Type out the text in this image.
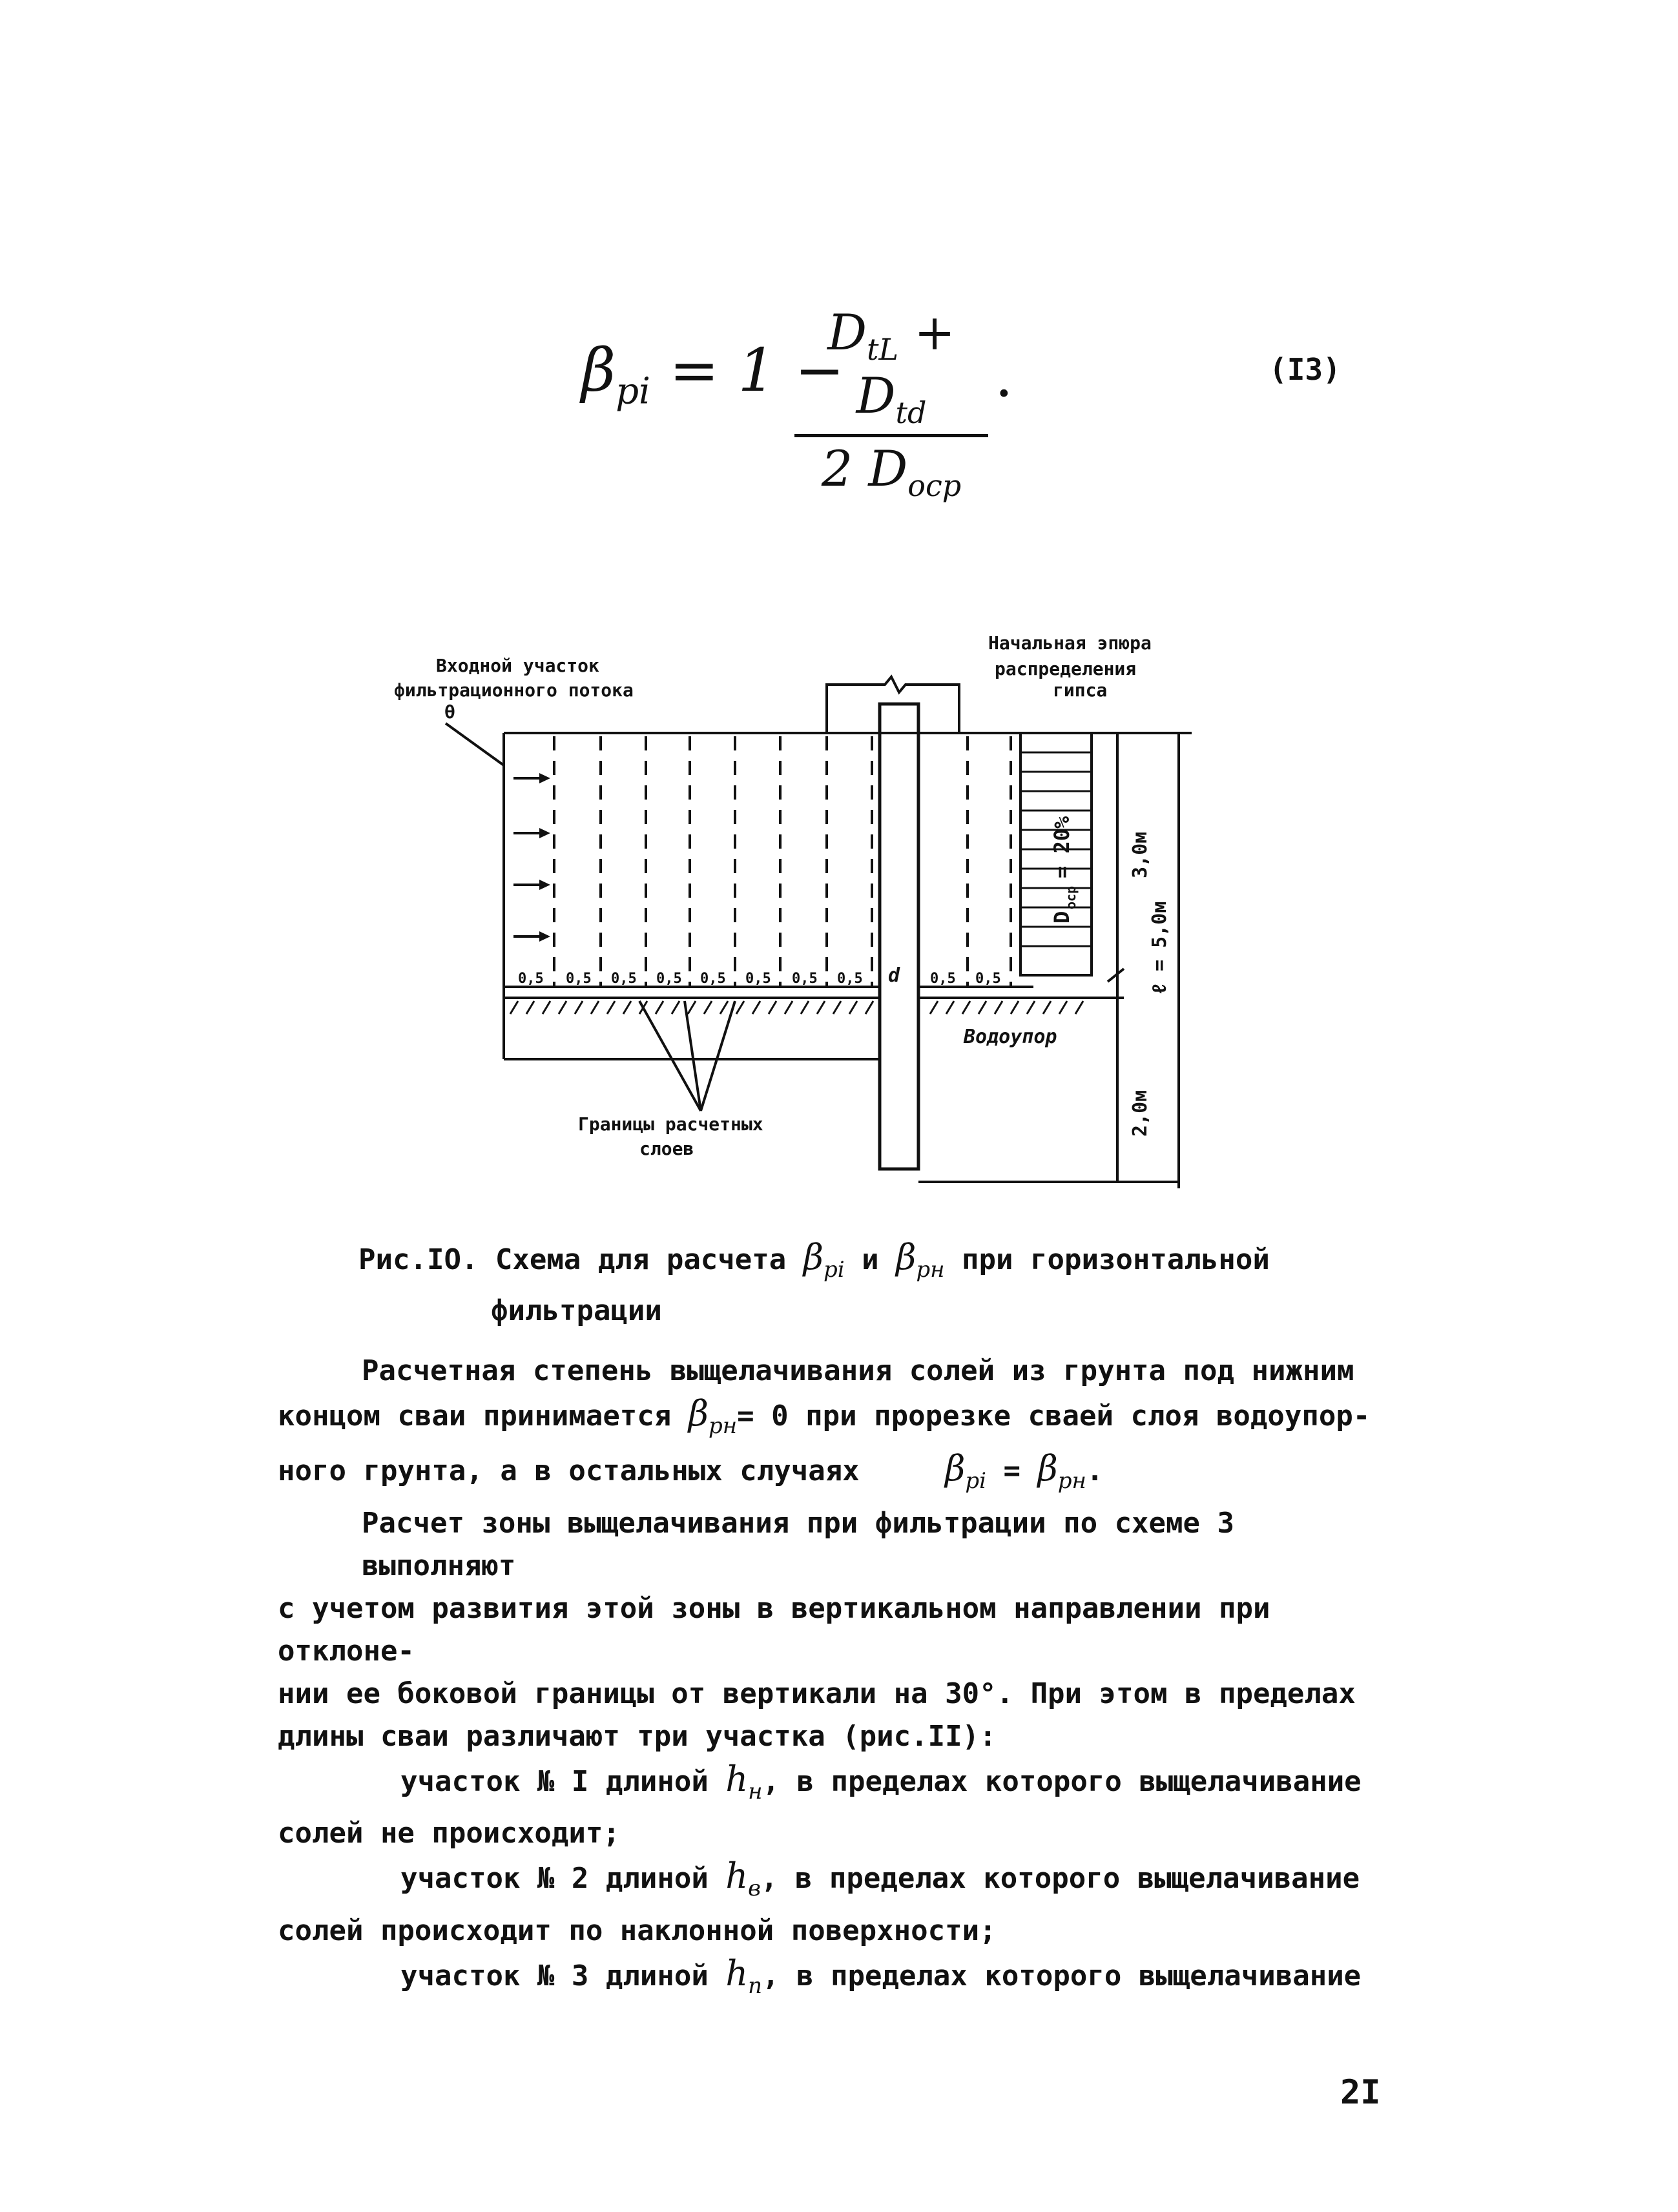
$\beta_{pi} = 1$ −
$D_{tL} + D_{td}$
2 $D_{оср}$
.	(I3)
Входной участок
фильтрационного потока
θ
Начальная эпюра
распределения
гипса
D
оср
= 20%	3,0м
ℓ = 5,0м
2,0м
0,5 0,5 0,5 0,5 0,5 0,5 0,5 0,5	0,5 0,5
d
Водоупор
Границы расчетных
слоев
Рис.IO. Схема для расчета $\beta_{pi}$ и $\beta_{рн}$ при горизонтальной
фильтрации

Расчетная степень выщелачивания солей из грунта под нижним

концом сваи принимается $\beta_{рн}= 0$ при прорезке сваей слоя водоупор-

ного грунта, а в остальных случаях $\beta_{pi} = \beta_{рн}$.

Расчет зоны выщелачивания при фильтрации по схеме 3 выполняют

с учетом развития этой зоны в вертикальном направлении при отклоне-

нии ее боковой границы от вертикали на 30°. При этом в пределах

длины сваи различают три участка (рис.II):

участок № I длиной $h_н$, в пределах которого выщелачивание

солей не происходит;

участок № 2 длиной $h_в$, в пределах которого выщелачивание

солей происходит по наклонной поверхности;

участок № 3 длиной $h_п$, в пределах которого выщелачивание

2I
